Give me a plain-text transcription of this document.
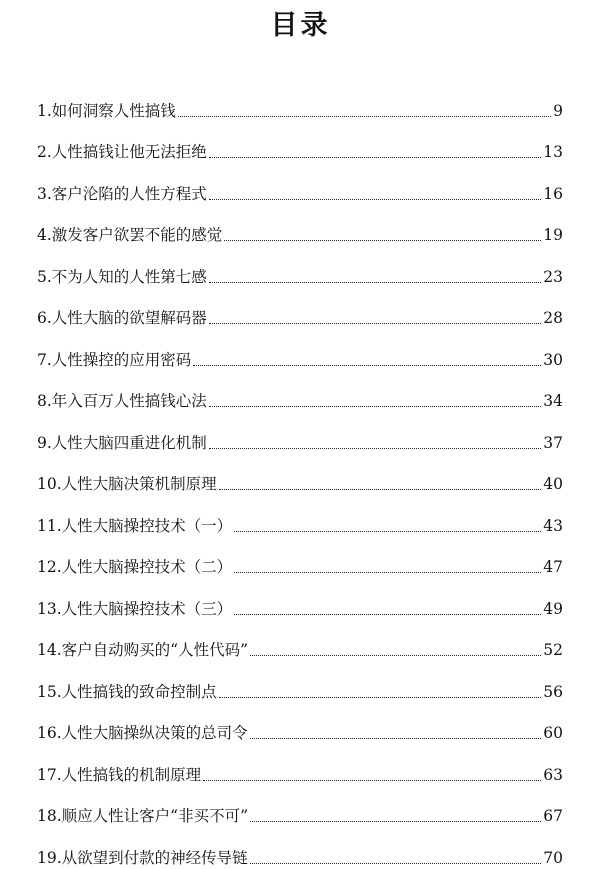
目录
1. 如何洞察人性搞钱	9
2. 人性搞钱让他无法拒绝	13
3. 客户沦陷的人性方程式	16
4. 激发客户欲罢不能的感觉	19
5. 不为人知的人性第七感	23
6. 人性大脑的欲望解码器	28
7. 人性操控的应用密码	30
8. 年入百万人性搞钱心法	34
9. 人性大脑四重进化机制	37
10. 人性大脑决策机制原理	40
11. 人性大脑操控技术（一）	43
12. 人性大脑操控技术（二）	47
13. 人性大脑操控技术（三）	49
14. 客户自动购买的“人性代码”	52
15. 人性搞钱的致命控制点	56
16. 人性大脑操纵决策的总司令	60
17. 人性搞钱的机制原理	63
18. 顺应人性让客户“非买不可”	67
19. 从欲望到付款的神经传导链	70
